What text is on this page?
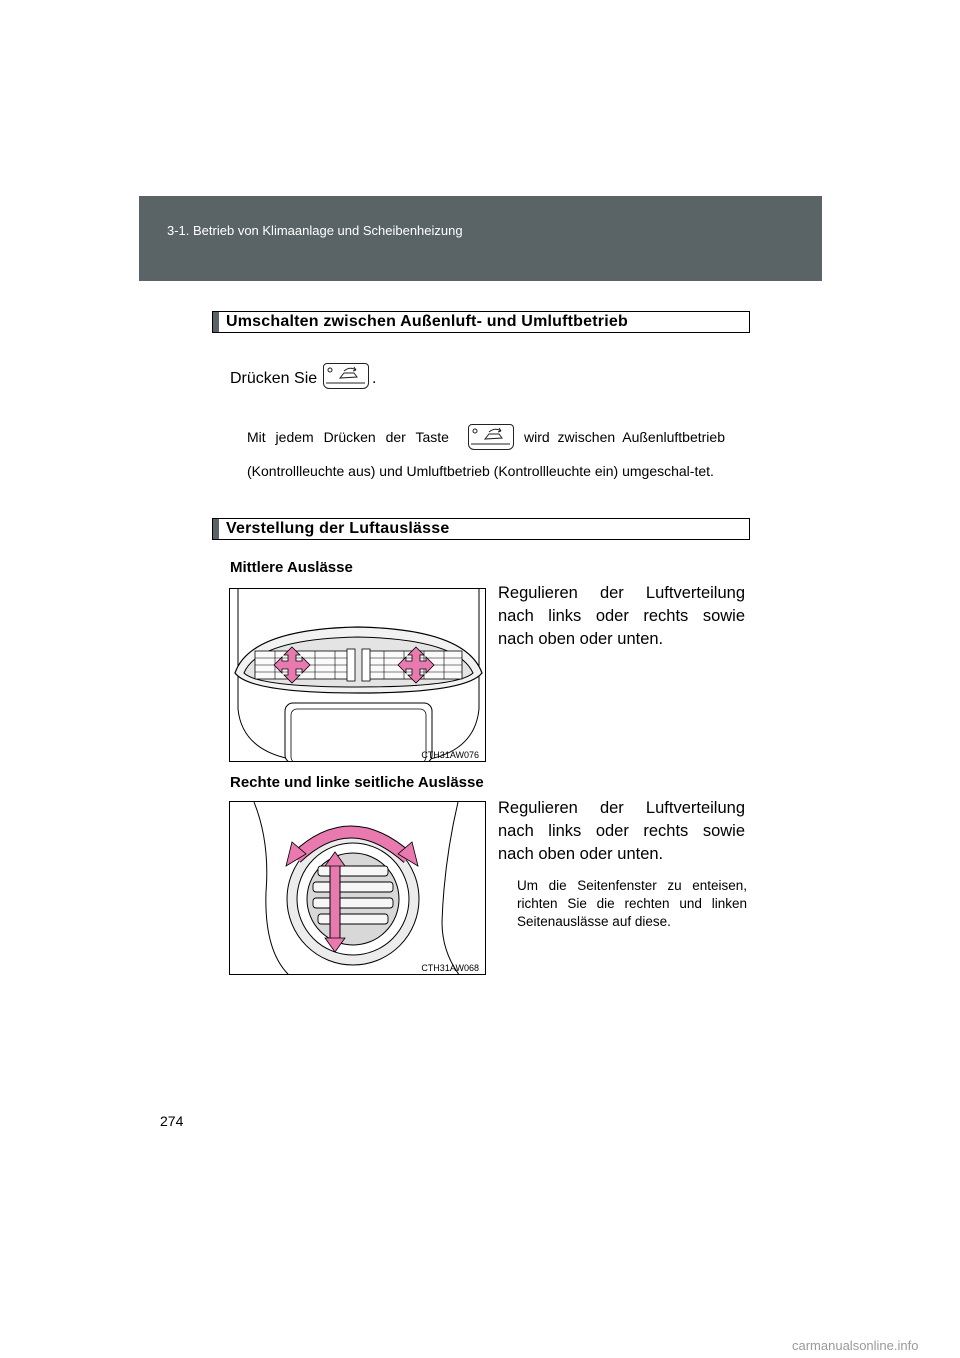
3-1. Betrieb von Klimaanlage und Scheibenheizung
Umschalten zwischen Außenluft- und Umluftbetrieb
Drücken Sie	.
Mit jedem Drücken der Taste	wird zwischen Außenluftbetrieb
(Kontrollleuchte aus) und Umluftbetrieb (Kontrollleuchte ein) umgeschal-tet.
Verstellung der Luftauslässe
Mittlere Auslässe
Regulieren der Luftverteilung nach links oder rechts sowie nach oben oder unten.
CTH31AW076
Rechte und linke seitliche Auslässe
Regulieren der Luftverteilung nach links oder rechts sowie nach oben oder unten.
Um die Seitenfenster zu enteisen, richten Sie die rechten und linken Seitenauslässe auf diese.
CTH31AW068
274
carmanualsonline.info
